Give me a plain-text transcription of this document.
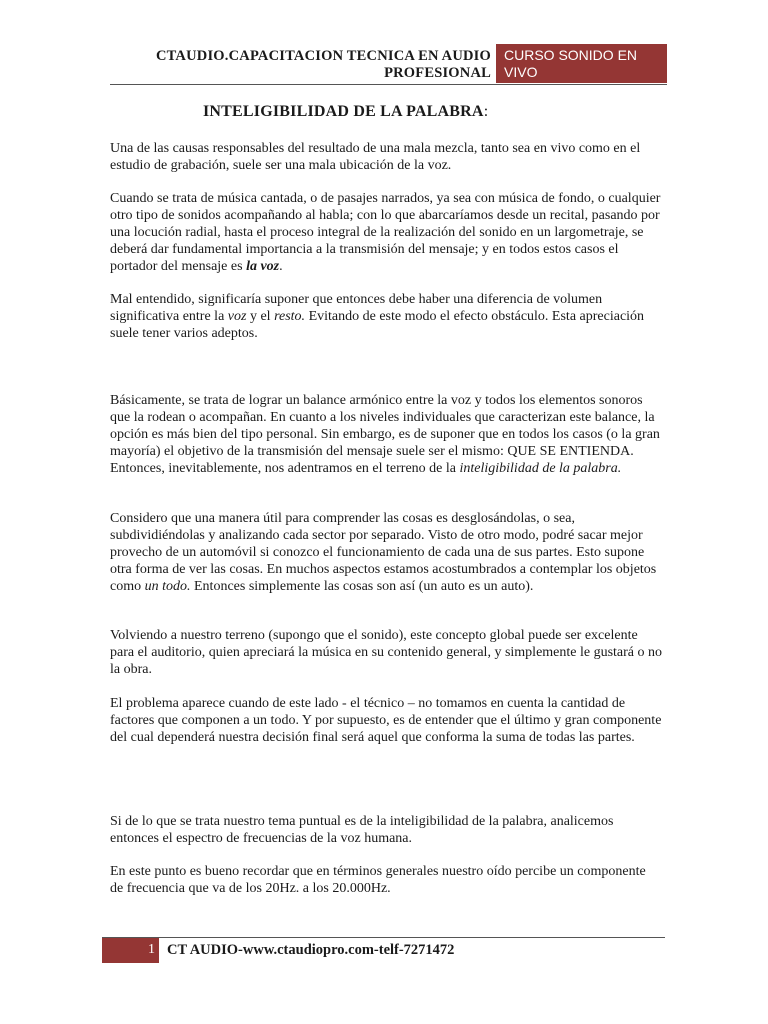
CTAUDIO.CAPACITACION TECNICA EN AUDIO
PROFESIONAL
CURSO SONIDO EN
VIVO
INTELIGIBILIDAD DE LA PALABRA:

Una de las causas responsables del resultado de una mala mezcla, tanto sea en vivo como en el estudio de grabación, suele ser una mala ubicación de la voz.

Cuando se trata de música cantada, o de pasajes narrados, ya sea con música de fondo, o cualquier otro tipo de sonidos acompañando al habla; con lo que abarcaríamos desde un recital, pasando por una locución radial, hasta el proceso integral de la realización del sonido en un largometraje, se deberá dar fundamental importancia a la transmisión del mensaje; y en todos estos casos el portador del mensaje es la voz.

Mal entendido, significaría suponer que entonces debe haber una diferencia de volumen significativa entre la voz y el resto. Evitando de este modo el efecto obstáculo. Esta apreciación suele tener varios adeptos.

Básicamente, se trata de lograr un balance armónico entre la voz y todos los elementos sonoros que la rodean o acompañan. En cuanto a los niveles individuales que caracterizan este balance, la opción es más bien del tipo personal. Sin embargo, es de suponer que en todos los casos (o la gran mayoría) el objetivo de la transmisión del mensaje suele ser el mismo: QUE SE ENTIENDA. Entonces, inevitablemente, nos adentramos en el terreno de la inteligibilidad de la palabra.

Considero que una manera útil para comprender las cosas es desglosándolas, o sea, subdividiéndolas y analizando cada sector por separado. Visto de otro modo, podré sacar mejor provecho de un automóvil si conozco el funcionamiento de cada una de sus partes. Esto supone otra forma de ver las cosas. En muchos aspectos estamos acostumbrados a contemplar los objetos como un todo. Entonces simplemente las cosas son así (un auto es un auto).

Volviendo a nuestro terreno (supongo que el sonido), este concepto global puede ser excelente para el auditorio, quien apreciará la música en su contenido general, y simplemente le gustará o no la obra.

El problema aparece cuando de este lado - el técnico – no tomamos en cuenta la cantidad de factores que componen a un todo. Y por supuesto, es de entender que el último y gran componente del cual dependerá nuestra decisión final será aquel que conforma la suma de todas las partes.

Si de lo que se trata nuestro tema puntual es de la inteligibilidad de la palabra, analicemos entonces el espectro de frecuencias de la voz humana.

En este punto es bueno recordar que en términos generales nuestro oído percibe un componente de frecuencia que va de los 20Hz. a los 20.000Hz.

1 CT AUDIO-www.ctaudiopro.com-telf-7271472
